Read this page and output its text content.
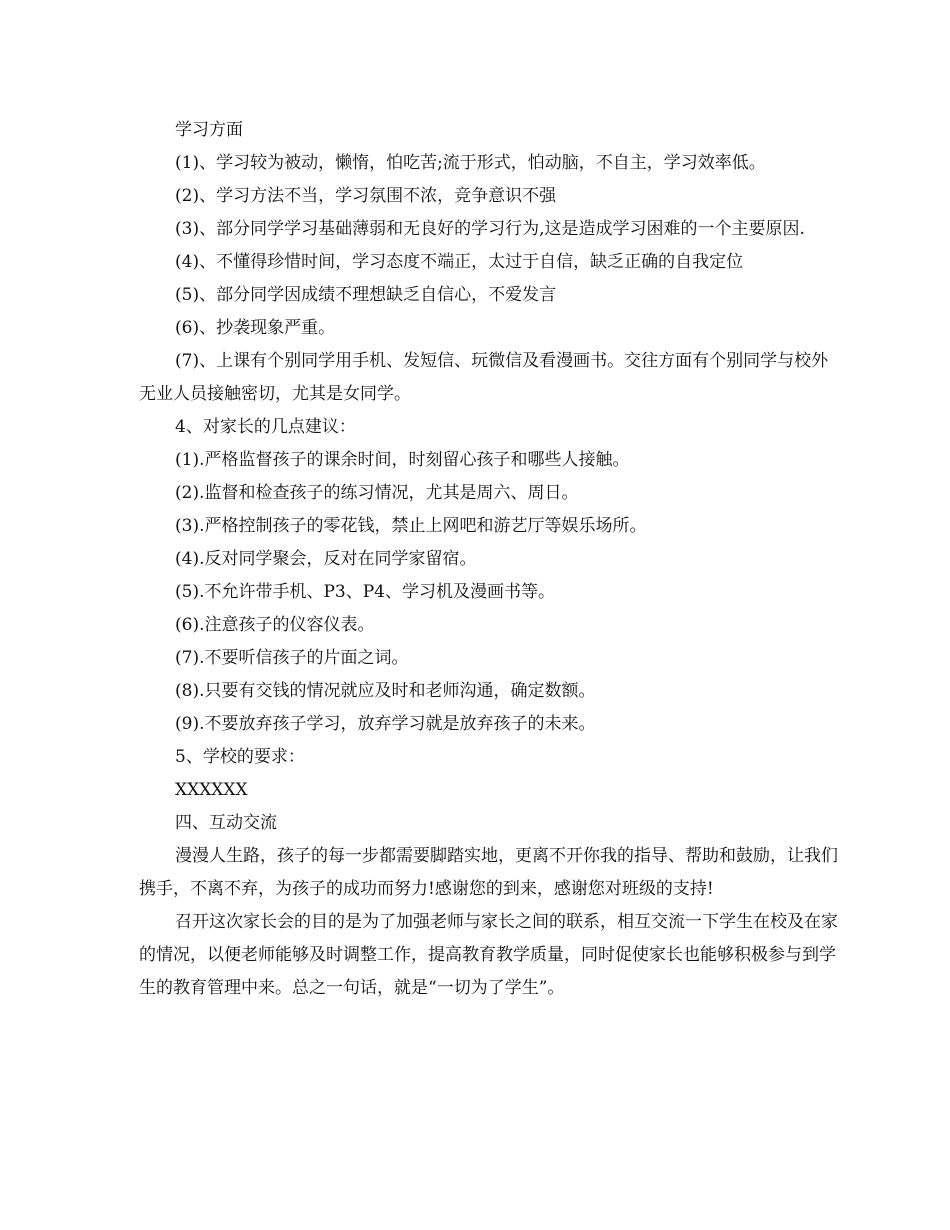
学习方面

(1)、学习较为被动，懒惰，怕吃苦;流于形式，怕动脑，不自主，学习效率低。

(2)、学习方法不当，学习氛围不浓，竞争意识不强

(3)、部分同学学习基础薄弱和无良好的学习行为,这是造成学习困难的一个主要原因.

(4)、不懂得珍惜时间，学习态度不端正，太过于自信，缺乏正确的自我定位

(5)、部分同学因成绩不理想缺乏自信心，不爱发言

(6)、抄袭现象严重。

(7)、上课有个别同学用手机、发短信、玩微信及看漫画书。交往方面有个别同学与校外无业人员接触密切，尤其是女同学。

4、对家长的几点建议：

(1).严格监督孩子的课余时间，时刻留心孩子和哪些人接触。

(2).监督和检查孩子的练习情况，尤其是周六、周日。

(3).严格控制孩子的零花钱，禁止上网吧和游艺厅等娱乐场所。

(4).反对同学聚会，反对在同学家留宿。

(5).不允许带手机、P3、P4、学习机及漫画书等。

(6).注意孩子的仪容仪表。

(7).不要听信孩子的片面之词。

(8).只要有交钱的情况就应及时和老师沟通，确定数额。

(9).不要放弃孩子学习，放弃学习就是放弃孩子的未来。

5、学校的要求：

XXXXXX

四、互动交流

漫漫人生路，孩子的每一步都需要脚踏实地，更离不开你我的指导、帮助和鼓励，让我们携手，不离不弃，为孩子的成功而努力!感谢您的到来，感谢您对班级的支持!

召开这次家长会的目的是为了加强老师与家长之间的联系，相互交流一下学生在校及在家的情况，以便老师能够及时调整工作，提高教育教学质量，同时促使家长也能够积极参与到学生的教育管理中来。总之一句话，就是“一切为了学生”。
